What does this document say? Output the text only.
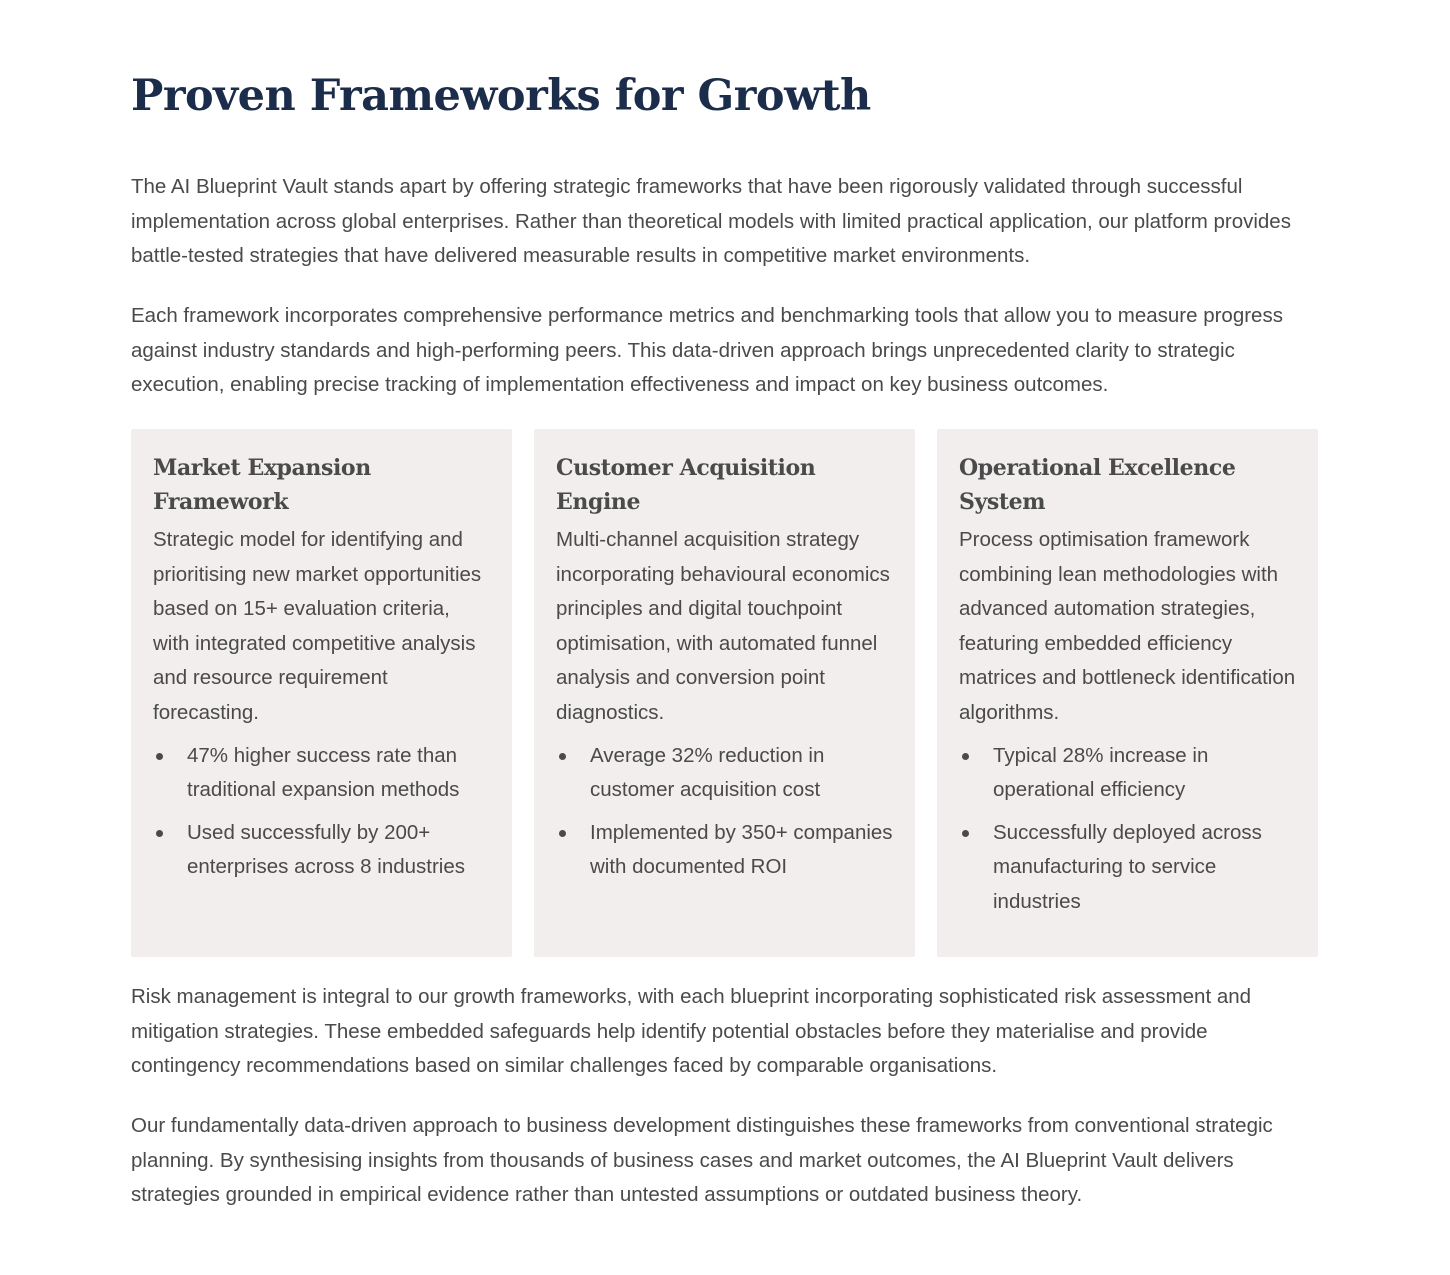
Proven Frameworks for Growth

The AI Blueprint Vault stands apart by offering strategic frameworks that have been rigorously validated through successful implementation across global enterprises. Rather than theoretical models with limited practical application, our platform provides battle-tested strategies that have delivered measurable results in competitive market environments.

Each framework incorporates comprehensive performance metrics and benchmarking tools that allow you to measure progress against industry standards and high-performing peers. This data-driven approach brings unprecedented clarity to strategic execution, enabling precise tracking of implementation effectiveness and impact on key business outcomes.

Market Expansion Framework

Strategic model for identifying and prioritising new market opportunities based on 15+ evaluation criteria, with integrated competitive analysis and resource requirement forecasting.

47% higher success rate than traditional expansion methods
Used successfully by 200+ enterprises across 8 industries
Customer Acquisition Engine

Multi-channel acquisition strategy incorporating behavioural economics principles and digital touchpoint optimisation, with automated funnel analysis and conversion point diagnostics.

Average 32% reduction in customer acquisition cost
Implemented by 350+ companies with documented ROI
Operational Excellence System

Process optimisation framework combining lean methodologies with advanced automation strategies, featuring embedded efficiency matrices and bottleneck identification algorithms.

Typical 28% increase in operational efficiency
Successfully deployed across manufacturing to service industries

Risk management is integral to our growth frameworks, with each blueprint incorporating sophisticated risk assessment and mitigation strategies. These embedded safeguards help identify potential obstacles before they materialise and provide contingency recommendations based on similar challenges faced by comparable organisations.

Our fundamentally data-driven approach to business development distinguishes these frameworks from conventional strategic planning. By synthesising insights from thousands of business cases and market outcomes, the AI Blueprint Vault delivers strategies grounded in empirical evidence rather than untested assumptions or outdated business theory.
